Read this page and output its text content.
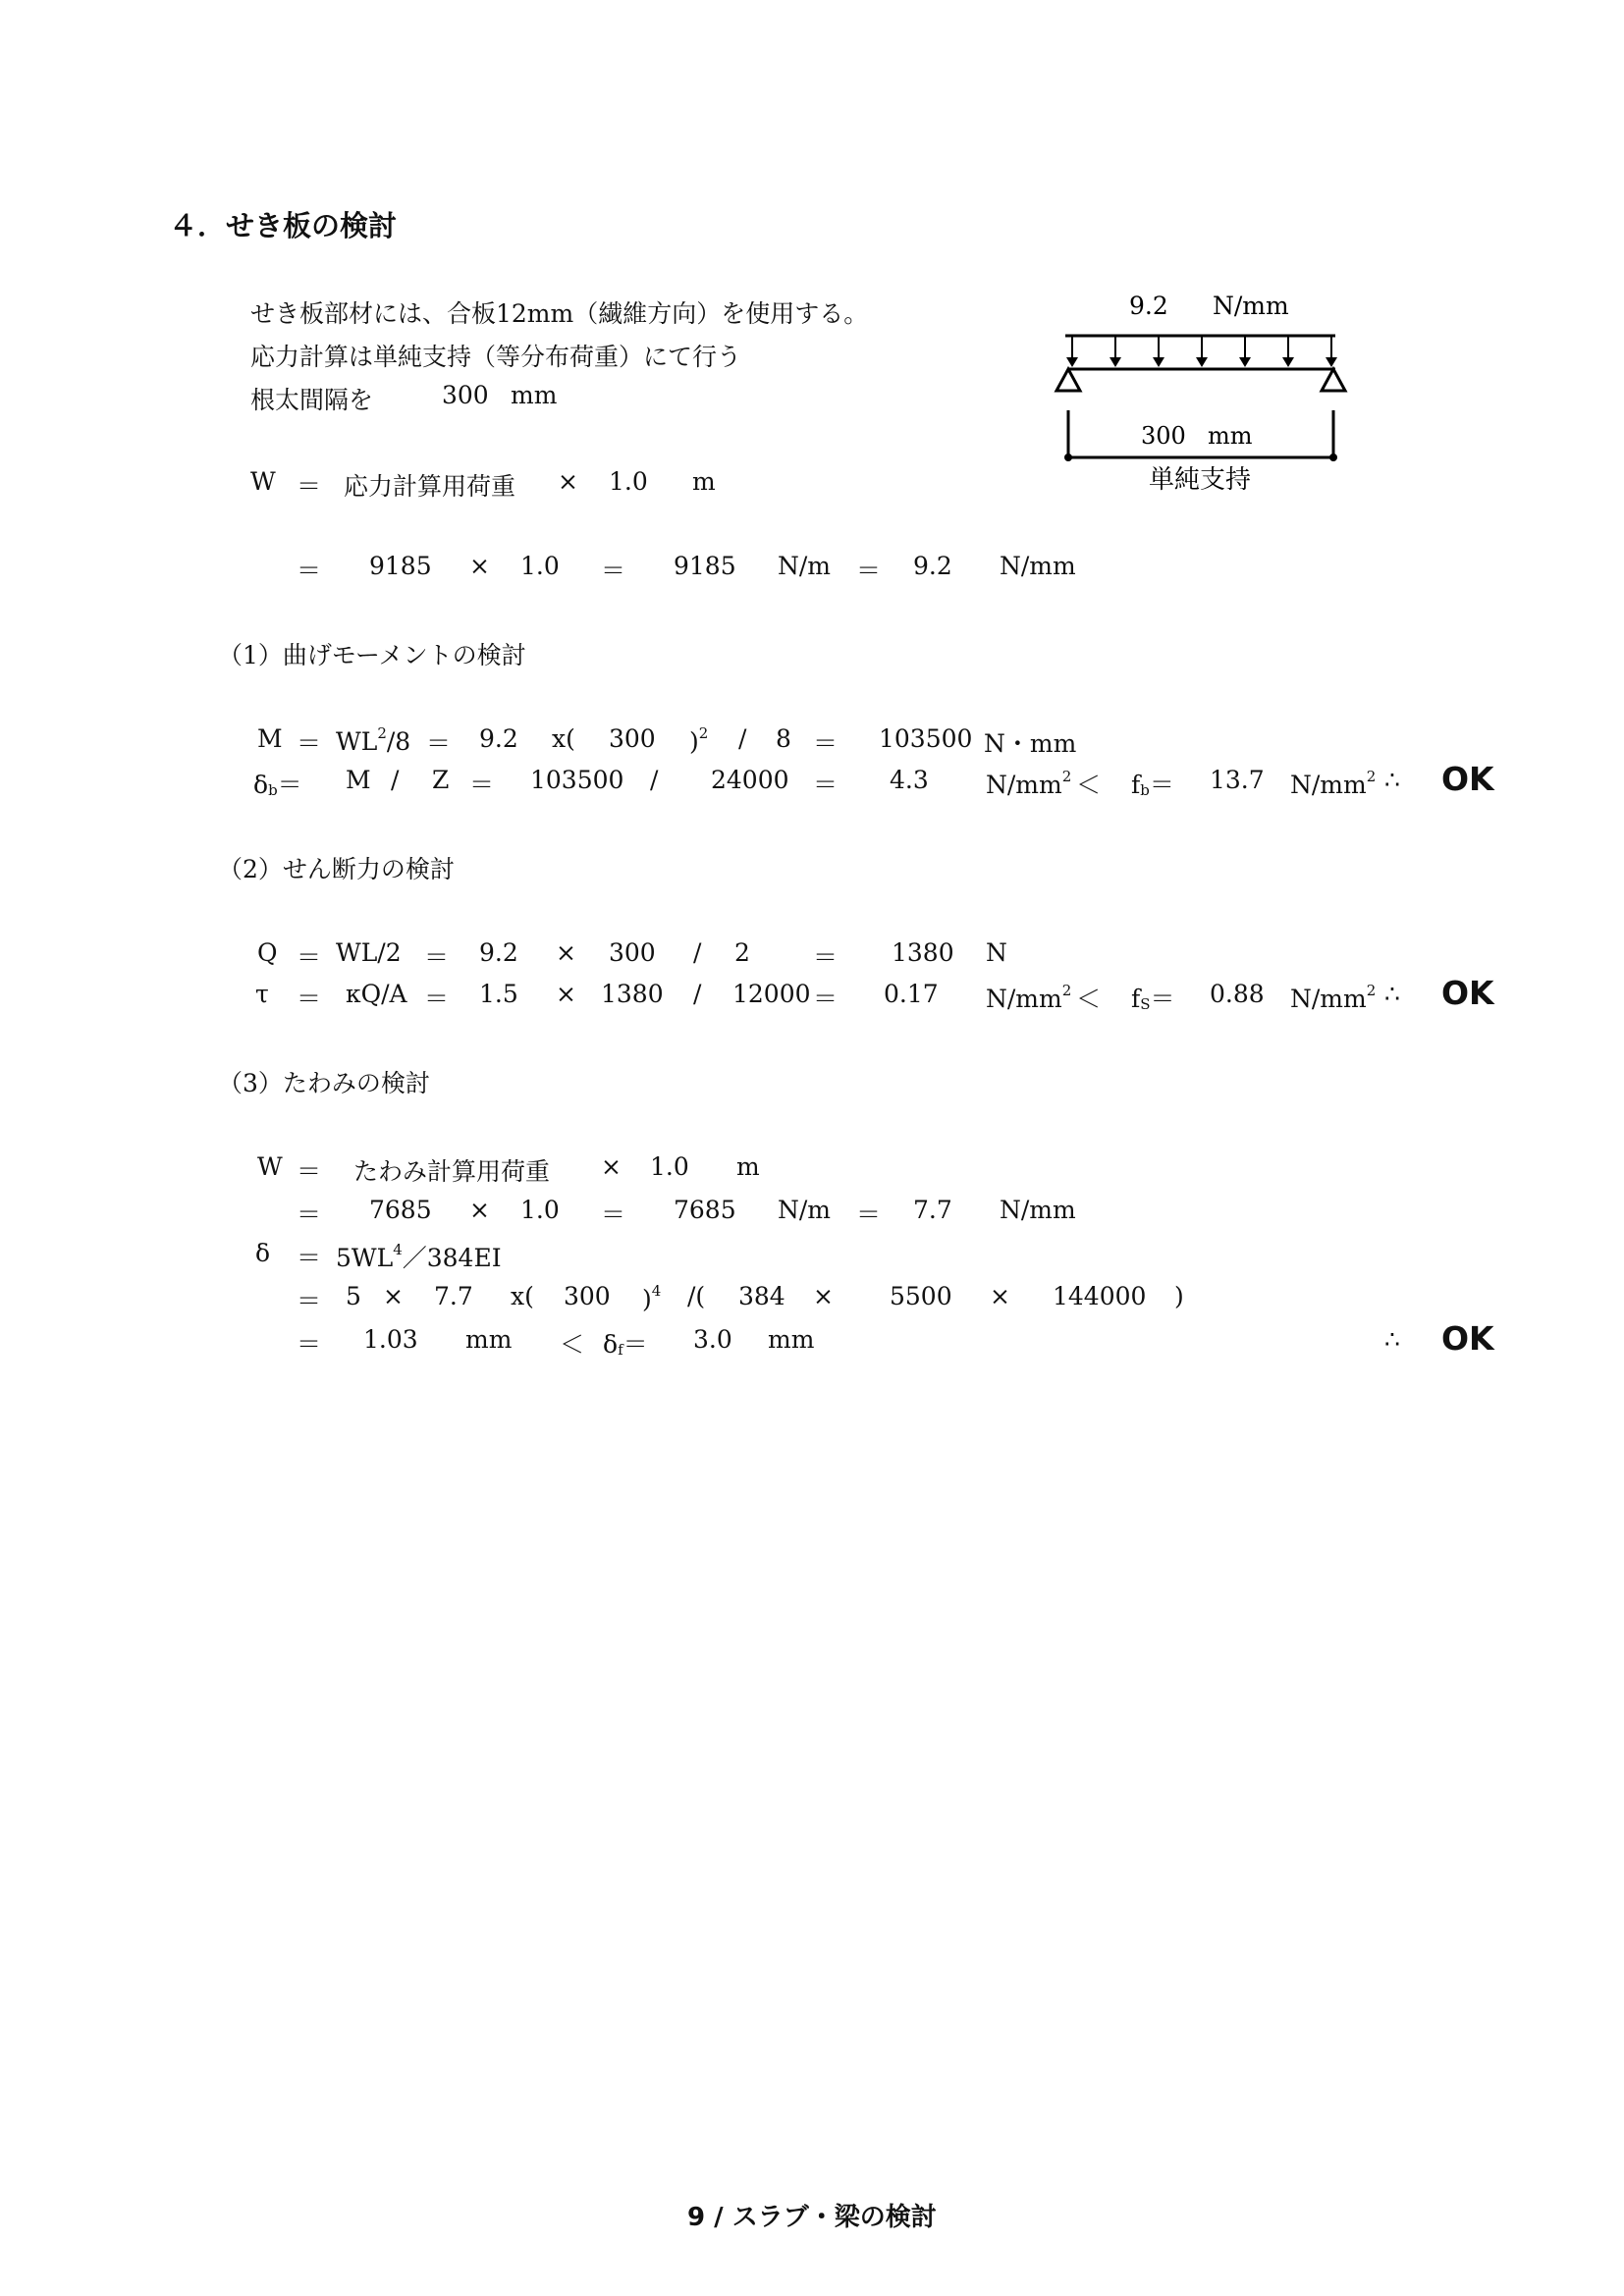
４．せき板の検討
せき板部材には、合板12mm（繊維方向）を使用する。
応力計算は単純支持（等分布荷重）にて行う
根太間隔を	300 mm
9.2 N/mm
300 mm
単純支持
W ＝ 応力計算用荷重 × 1.0 m
＝ 9185 × 1.0 ＝ 9185 N/m ＝ 9.2 N/mm
（1）曲げモーメントの検討
$M = WL^2/8 = 9.2$ x( 300 )$^2$ / 8 ＝ 103500 N・mm
$\delta_b= M / Z = 103500 / 24000 = 4.3$ $N/mm^2 < f_b= 13.7$ $N/mm^2$ ∴ OK
（2）せん断力の検討
Q ＝ WL/2 ＝ 9.2 × 300 / 2	＝ 1380 N
τ ＝ κQ/A ＝ 1.5 × 1380 / 12000 ＝ 0.17 $N/mm^2 < f_S= 0.88$ $N/mm^2$ ∴ OK
（3）たわみの検討
W ＝ たわみ計算用荷重 × 1.0 m
＝ 7685 × 1.0 ＝ 7685 N/m ＝ 7.7 N/mm
$\delta = 5WL^4/384EI$
＝ 5 × 7.7 x( 300 )$^4$ /( 384 × 5500 × 144000 )
＝ 1.03 mm ＜ $\delta_f= 3.0$ mm	∴ OK
9 / スラブ・梁の検討
